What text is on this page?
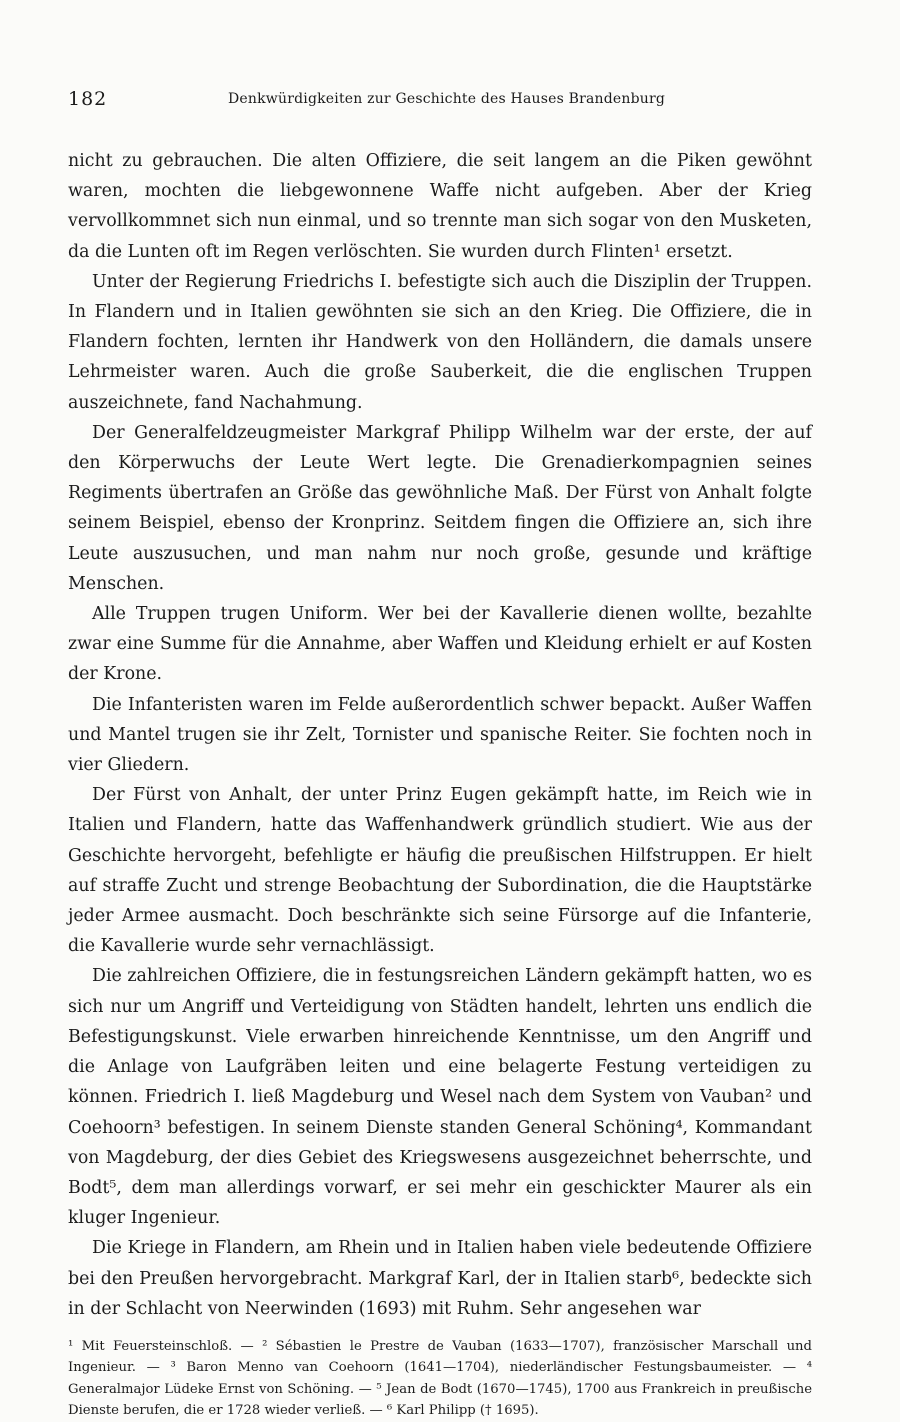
182	Denkwürdigkeiten zur Geschichte des Hauses Brandenburg

nicht zu gebrauchen. Die alten Offiziere, die seit langem an die Piken gewöhnt waren, mochten die liebgewonnene Waffe nicht aufgeben. Aber der Krieg vervollkommnet sich nun einmal, und so trennte man sich sogar von den Musketen, da die Lunten oft im Regen verlöschten. Sie wurden durch Flinten¹ ersetzt.

Unter der Regierung Friedrichs I. befestigte sich auch die Disziplin der Truppen. In Flandern und in Italien gewöhnten sie sich an den Krieg. Die Offiziere, die in Flandern fochten, lernten ihr Handwerk von den Holländern, die damals unsere Lehrmeister waren. Auch die große Sauberkeit, die die englischen Truppen auszeichnete, fand Nachahmung.

Der Generalfeldzeugmeister Markgraf Philipp Wilhelm war der erste, der auf den Körperwuchs der Leute Wert legte. Die Grenadierkompagnien seines Regiments übertrafen an Größe das gewöhnliche Maß. Der Fürst von Anhalt folgte seinem Beispiel, ebenso der Kronprinz. Seitdem fingen die Offiziere an, sich ihre Leute auszusuchen, und man nahm nur noch große, gesunde und kräftige Menschen.

Alle Truppen trugen Uniform. Wer bei der Kavallerie dienen wollte, bezahlte zwar eine Summe für die Annahme, aber Waffen und Kleidung erhielt er auf Kosten der Krone.

Die Infanteristen waren im Felde außerordentlich schwer bepackt. Außer Waffen und Mantel trugen sie ihr Zelt, Tornister und spanische Reiter. Sie fochten noch in vier Gliedern.

Der Fürst von Anhalt, der unter Prinz Eugen gekämpft hatte, im Reich wie in Italien und Flandern, hatte das Waffenhandwerk gründlich studiert. Wie aus der Geschichte hervorgeht, befehligte er häufig die preußischen Hilfstruppen. Er hielt auf straffe Zucht und strenge Beobachtung der Subordination, die die Hauptstärke jeder Armee ausmacht. Doch beschränkte sich seine Fürsorge auf die Infanterie, die Kavallerie wurde sehr vernachlässigt.

Die zahlreichen Offiziere, die in festungsreichen Ländern gekämpft hatten, wo es sich nur um Angriff und Verteidigung von Städten handelt, lehrten uns endlich die Befestigungskunst. Viele erwarben hinreichende Kenntnisse, um den Angriff und die Anlage von Laufgräben leiten und eine belagerte Festung verteidigen zu können. Friedrich I. ließ Magdeburg und Wesel nach dem System von Vauban² und Coehoorn³ befestigen. In seinem Dienste standen General Schöning⁴, Kommandant von Magdeburg, der dies Gebiet des Kriegswesens ausgezeichnet beherrschte, und Bodt⁵, dem man allerdings vorwarf, er sei mehr ein geschickter Maurer als ein kluger Ingenieur.

Die Kriege in Flandern, am Rhein und in Italien haben viele bedeutende Offiziere bei den Preußen hervorgebracht. Markgraf Karl, der in Italien starb⁶, bedeckte sich in der Schlacht von Neerwinden (1693) mit Ruhm. Sehr angesehen war

¹ Mit Feuersteinschloß. — ² Sébastien le Prestre de Vauban (1633—1707), französischer Marschall und Ingenieur. — ³ Baron Menno van Coehoorn (1641—1704), niederländischer Festungsbaumeister. — ⁴ Generalmajor Lüdeke Ernst von Schöning. — ⁵ Jean de Bodt (1670—1745), 1700 aus Frankreich in preußische Dienste berufen, die er 1728 wieder verließ. — ⁶ Karl Philipp († 1695).
